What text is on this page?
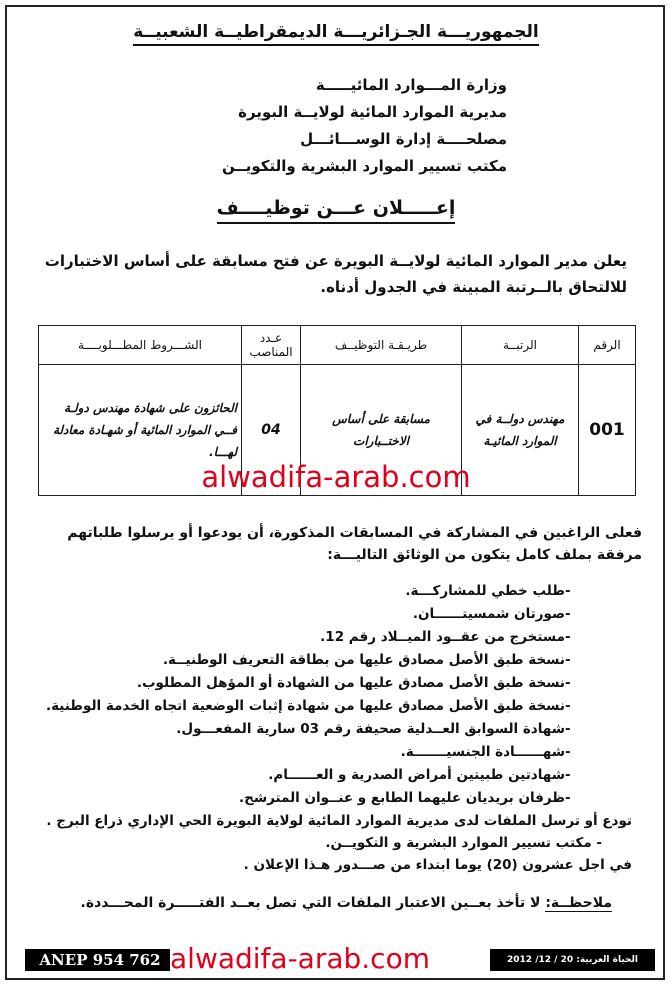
الجمهوريـــة الجـزائريـــة الديمقراطيــة الشعبيــة
وزارة المـــوارد المائيـــــة
مديرية الموارد المائية لولايــة البويرة
مصلحــــة إدارة الوســـائـــل
مكتب تسيير الموارد البشرية والتكويــن
إعـــــلان عـــن توظيــــف
يعلن مدير الموارد المائية لولايــة البويرة عن فتح مسابقة على أساس الاختبارات للالتحاق بالــرتبة المبينة في الجدول أدناه.
الرقم	الرتبــة	طريـقـة التوظيــف	عـدد المناصب	الشـــروط المطـــلوبــــة
001	مهندس دولــة في الموارد المائيـة	مسابقة على أساس الاختــبارات	04	الحائزون على شهادة مهندس دولـة فــي الموارد المائية أو شهـادة معادلة لهـــا.
alwadifa-arab.com
فعلى الراغبين في المشاركة في المسابقات المذكورة، أن يودعوا أو يرسلوا طلباتهم مرفقة بملف كامل يتكون من الوثائق التاليـــة:
- طلب خطي للمشاركـــة.
- صورتان شمسيتــــــان.
- مستخرج من عقــود الميــلاد رقم 12.
- نسخة طبق الأصل مصادق عليها من بطاقة التعريف الوطنيــة.
- نسخة طبق الأصل مصادق عليها من الشهادة أو المؤهل المطلوب.
- نسخة طبق الأصل مصادق عليها من شهادة إثبات الوضعية اتجاه الخدمة الوطنية.
- شهادة السوابق العــدلية صحيفة رقم 03 سارية المفعـــول.
- شهــــــادة الجنسيـــــــة.
- شهادتين طبيتين أمراض الصدرية و العــــــام.
- ظرفان بريديان عليهما الطابع و عنــوان المترشح.
تودع أو ترسل الملفات لدى مديرية الموارد المائية لولاية البويرة الحي الإداري ذراع البرج .
- مكتب تسيير الموارد البشرية و التكويــن.
في اجل عشرون (20) يوما ابتداء من صـــدور هـذا الإعلان .
ملاحظــة: لا تأخذ بعــين الاعتبار الملفات التي تصل بعــد الفتـــــرة المحـــددة.
ANEP 954 762	الحياة العربية: 20 / 12/ 2012
alwadifa-arab.com
